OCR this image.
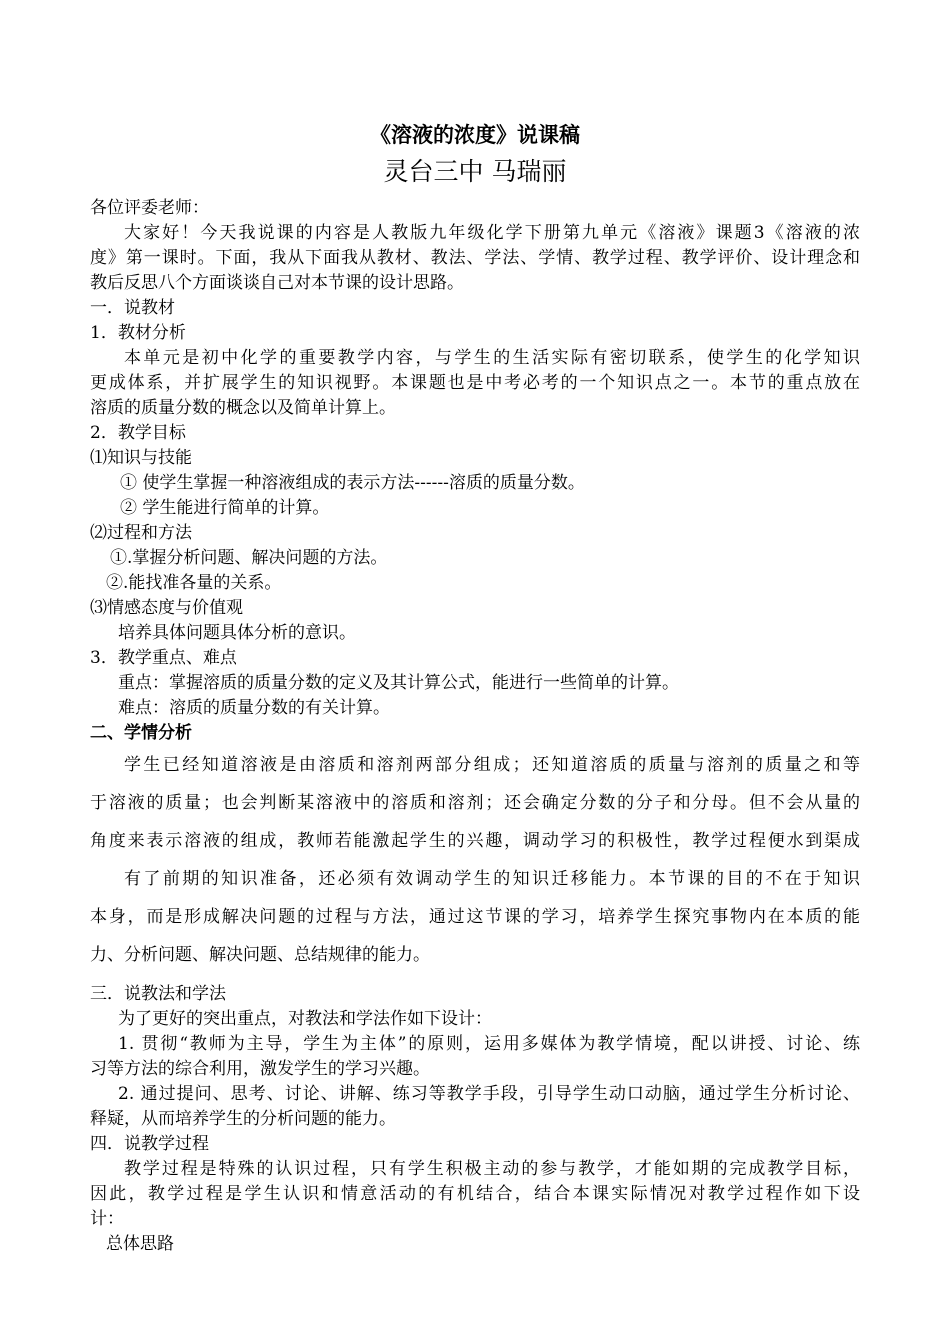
《溶液的浓度》说课稿
灵台三中 马瑞丽

各位评委老师：

大家好！今天我说课的内容是人教版九年级化学下册第九单元《溶液》课题3《溶液的浓

度》第一课时。下面，我从下面我从教材、教法、学法、学情、教学过程、教学评价、设计理念和

教后反思八个方面谈谈自己对本节课的设计思路。

一．说教材

1．教材分析

本单元是初中化学的重要教学内容，与学生的生活实际有密切联系，使学生的化学知识

更成体系，并扩展学生的知识视野。本课题也是中考必考的一个知识点之一。本节的重点放在

溶质的质量分数的概念以及简单计算上。

2．教学目标

⑴知识与技能

① 使学生掌握一种溶液组成的表示方法------溶质的质量分数。

② 学生能进行简单的计算。

⑵过程和方法

①.掌握分析问题、解决问题的方法。

②.能找准各量的关系。

⑶情感态度与价值观

培养具体问题具体分析的意识。

3．教学重点、难点

重点：掌握溶质的质量分数的定义及其计算公式，能进行一些简单的计算。

难点：溶质的质量分数的有关计算。

二、学情分析

学生已经知道溶液是由溶质和溶剂两部分组成；还知道溶质的质量与溶剂的质量之和等

于溶液的质量；也会判断某溶液中的溶质和溶剂；还会确定分数的分子和分母。但不会从量的

角度来表示溶液的组成，教师若能激起学生的兴趣，调动学习的积极性，教学过程便水到渠成

有了前期的知识准备，还必须有效调动学生的知识迁移能力。本节课的目的不在于知识

本身，而是形成解决问题的过程与方法，通过这节课的学习，培养学生探究事物内在本质的能

力、分析问题、解决问题、总结规律的能力。

三．说教法和学法

为了更好的突出重点，对教法和学法作如下设计：

1. 贯彻“教师为主导，学生为主体”的原则，运用多媒体为教学情境，配以讲授、讨论、练

习等方法的综合利用，激发学生的学习兴趣。

2. 通过提问、思考、讨论、讲解、练习等教学手段，引导学生动口动脑，通过学生分析讨论、

释疑，从而培养学生的分析问题的能力。

四．说教学过程

教学过程是特殊的认识过程，只有学生积极主动的参与教学，才能如期的完成教学目标，

因此，教学过程是学生认识和情意活动的有机结合，结合本课实际情况对教学过程作如下设

计：

总体思路
